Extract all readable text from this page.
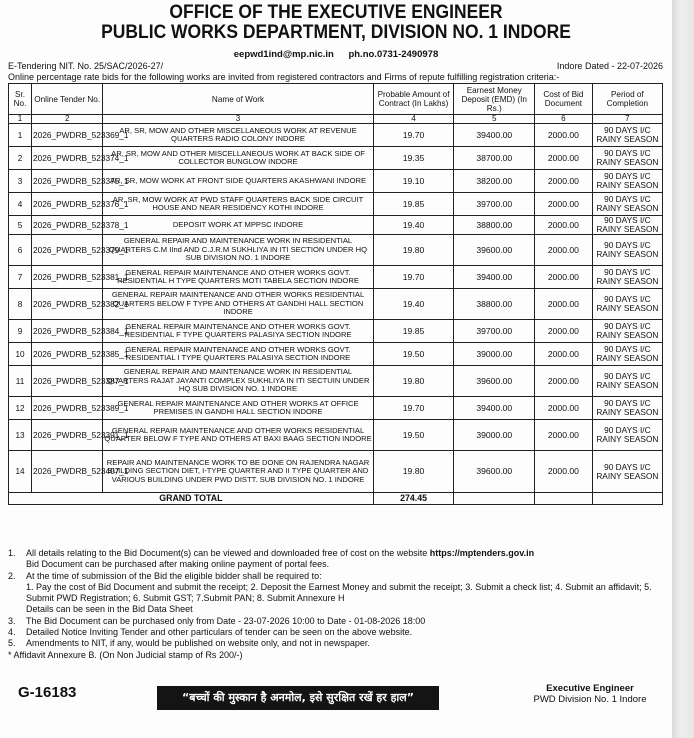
OFFICE OF THE EXECUTIVE ENGINEER
PUBLIC WORKS DEPARTMENT, DIVISION NO. 1 INDORE
eepwd1ind@mp.nic.in ph.no.0731-2490978
E-Tendering NIT. No. 25/SAC/2026-27/	Indore Dated - 22-07-2026
Online percentage rate bids for the following works are invited from registered contractors and Firms of repute fulfilling registration criteria:-
Sr. No.	Online Tender No.	Name of Work	Probable Amount of Contract (In Lakhs)	Earnest Money Deposit (EMD) (In Rs.)	Cost of Bid Document	Period of Completion
1	2	3	4	5	6	7
1	2026_PWDRB_523369_1	AR, SR, MOW AND OTHER MISCELLANEOUS WORK AT REVENUE QUARTERS RADIO COLONY INDORE	19.70	39400.00	2000.00	90 DAYS I/C RAINY SEASON
2	2026_PWDRB_523374_1	AR, SR, MOW AND OTHER MISCELLANEOUS WORK AT BACK SIDE OF COLLECTOR BUNGLOW INDORE	19.35	38700.00	2000.00	90 DAYS I/C RAINY SEASON
3	2026_PWDRB_523375_1	AR, SR, MOW WORK AT FRONT SIDE QUARTERS AKASHWANI INDORE	19.10	38200.00	2000.00	90 DAYS I/C RAINY SEASON
4	2026_PWDRB_523376_1	AR, SR, MOW WORK AT PWD STAFF QUARTERS BACK SIDE CIRCUIT HOUSE AND NEAR RESIDENCY KOTHI INDORE	19.85	39700.00	2000.00	90 DAYS I/C RAINY SEASON
5	2026_PWDRB_523378_1	DEPOSIT WORK AT MPPSC INDORE	19.40	38800.00	2000.00	90 DAYS I/C RAINY SEASON
6	2026_PWDRB_523379_1	GENERAL REPAIR AND MAINTENANCE WORK IN RESIDENTIAL QUARTERS C.M IInd AND C.J.R.M SUKHLIYA IN ITI SECTION UNDER HQ SUB DIVISION NO. 1 INDORE	19.80	39600.00	2000.00	90 DAYS I/C RAINY SEASON
7	2026_PWDRB_523381_1	GENERAL REPAIR MAINTENANCE AND OTHER WORKS GOVT. RESIDENTIAL H TYPE QUARTERS MOTI TABELA SECTION INDORE	19.70	39400.00	2000.00	90 DAYS I/C RAINY SEASON
8	2026_PWDRB_523382_1	GENERAL REPAIR MAINTENANCE AND OTHER WORKS RESIDENTIAL QUARTERS BELOW F TYPE AND OTHERS AT GANDHI HALL SECTION INDORE	19.40	38800.00	2000.00	90 DAYS I/C RAINY SEASON
9	2026_PWDRB_523384_1	GENERAL REPAIR MAINTENANCE AND OTHER WORKS GOVT. RESIDENTIAL F TYPE QUARTERS PALASIYA SECTION INDORE	19.85	39700.00	2000.00	90 DAYS I/C RAINY SEASON
10	2026_PWDRB_523385_1	GENERAL REPAIR MAINTENANCE AND OTHER WORKS GOVT. RESIDENTIAL I TYPE QUARTERS PALASIYA SECTION INDORE	19.50	39000.00	2000.00	90 DAYS I/C RAINY SEASON
11	2026_PWDRB_523387_1	GENERAL REPAIR AND MAINTENANCE WORK IN RESIDENTIAL QUARTERS RAJAT JAYANTI COMPLEX SUKHLIYA IN ITI SECTUIN UNDER HQ SUB DIVISION NO. 1 INDORE	19.80	39600.00	2000.00	90 DAYS I/C RAINY SEASON
12	2026_PWDRB_523389_1	GENERAL REPAIR MAINTENANCE AND OTHER WORKS AT OFFICE PREMISES IN GANDHI HALL SECTION INDORE	19.70	39400.00	2000.00	90 DAYS I/C RAINY SEASON
13	2026_PWDRB_523391_1	GENERAL REPAIR MAINTENANCE AND OTHER WORKS RESIDENTIAL QUARTER BELOW F TYPE AND OTHERS AT BAXI BAAG SECTION INDORE	19.50	39000.00	2000.00	90 DAYS I/C RAINY SEASON
14	2026_PWDRB_523407_1	REPAIR AND MAINTENANCE WORK TO BE DONE ON RAJENDRA NAGAR BUILDING SECTION DIET, I-TYPE QUARTER AND II TYPE QUARTER AND VARIOUS BUILDING UNDER PWD DISTT. SUB DIVISION NO. 1 INDORE	19.80	39600.00	2000.00	90 DAYS I/C RAINY SEASON
GRAND TOTAL			274.45			
1. All details relating to the Bid Document(s) can be viewed and downloaded free of cost on the website https://mptenders.gov.in
Bid Document can be purchased after making online payment of portal fees.
2. At the time of submission of the Bid the eligible bidder shall be required to:
1. Pay the cost of Bid Document and submit the receipt; 2. Deposit the Earnest Money and submit the receipt; 3. Submit a check list; 4. Submit an affidavit; 5. Submit PWD Registration; 6. Submit GST; 7.Submit PAN; 8. Submit Annexure H
Details can be seen in the Bid Data Sheet
3. The Bid Document can be purchased only from Date - 23-07-2026 10:00 to Date - 01-08-2026 18:00
4. Detailed Notice Inviting Tender and other particulars of tender can be seen on the above website.
5. Amendments to NIT, if any, would be published on website only, and not in newspaper.
* Affidavit Annexure B. (On Non Judicial stamp of Rs 200/-)
G-16183	“बच्चों की मुस्कान है अनमोल, इसे सुरक्षित रखें हर हाल”
Executive Engineer
PWD Division No. 1 Indore
